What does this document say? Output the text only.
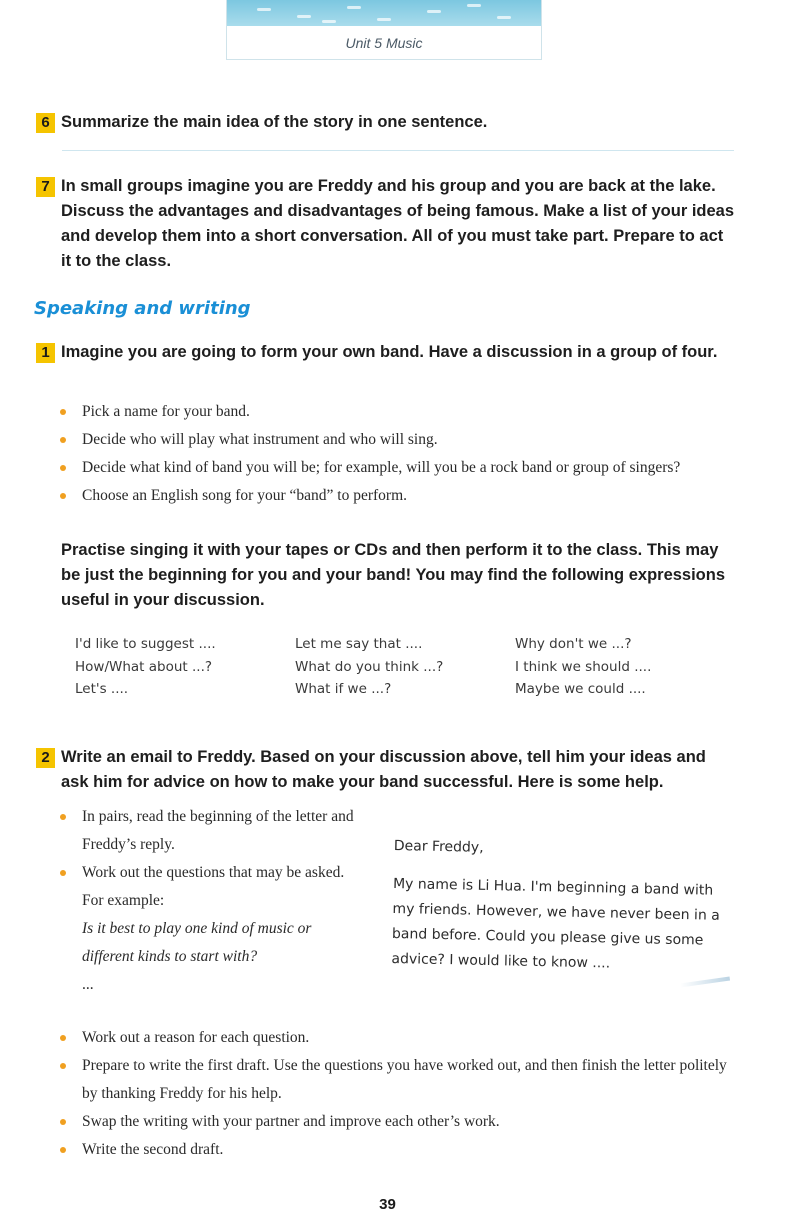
Unit 5 Music
6 Summarize the main idea of the story in one sentence.
7 In small groups imagine you are Freddy and his group and you are back at the lake. Discuss the advantages and disadvantages of being famous. Make a list of your ideas and develop them into a short conversation. All of you must take part. Prepare to act it to the class.
Speaking and writing
1 Imagine you are going to form your own band. Have a discussion in a group of four.
Pick a name for your band.
Decide who will play what instrument and who will sing.
Decide what kind of band you will be; for example, will you be a rock band or group of singers?
Choose an English song for your “band” to perform.
Practise singing it with your tapes or CDs and then perform it to the class. This may be just the beginning for you and your band! You may find the following expressions useful in your discussion.
I'd like to suggest ....
How/What about ...?
Let's ....
Let me say that ....
What do you think ...?
What if we ...?
Why don't we ...?
I think we should ....
Maybe we could ....
2 Write an email to Freddy. Based on your discussion above, tell him your ideas and ask him for advice on how to make your band successful. Here is some help.
In pairs, read the beginning of the letter and Freddy’s reply.
Work out the questions that may be asked. For example:
Is it best to play one kind of music or different kinds to start with?
...
Dear Freddy,
My name is Li Hua. I'm beginning a band with my friends. However, we have never been in a band before. Could you please give us some advice? I would like to know ....
Work out a reason for each question.
Prepare to write the first draft. Use the questions you have worked out, and then finish the letter politely by thanking Freddy for his help.
Swap the writing with your partner and improve each other’s work.
Write the second draft.
39
